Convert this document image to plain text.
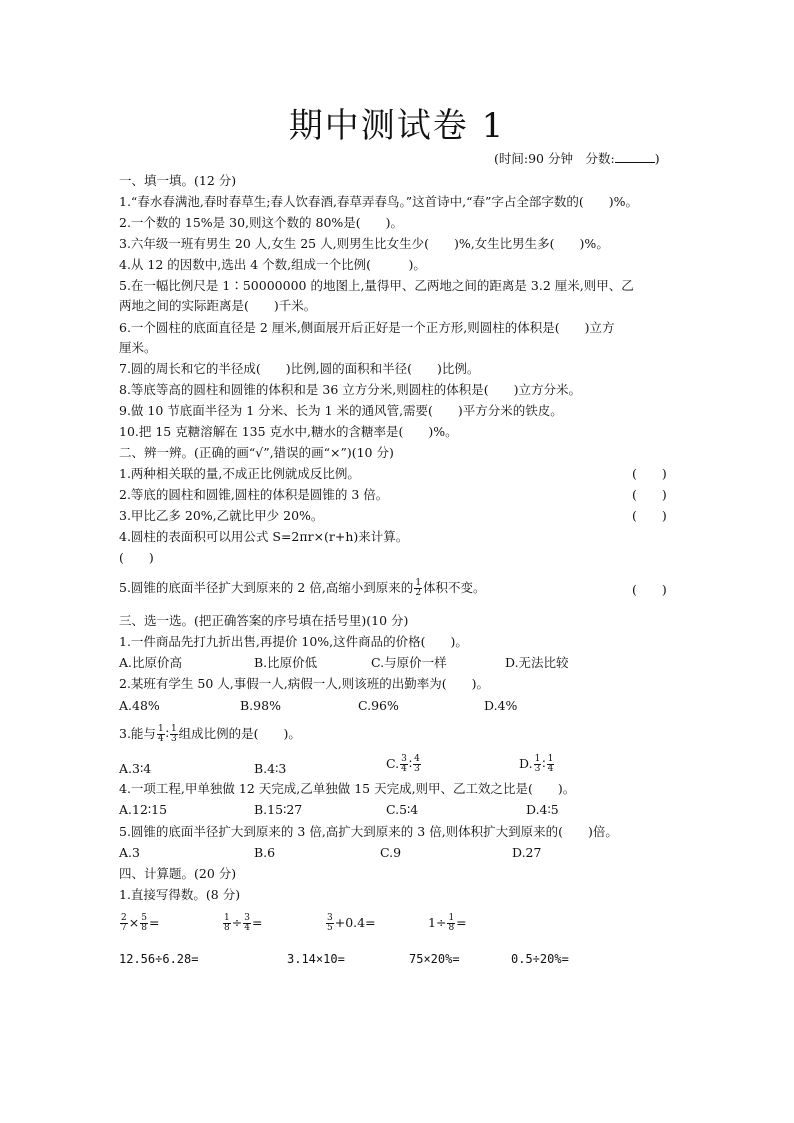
期中测试卷 1
(时间:90 分钟　分数:	)
一、填一填。(12 分)
1.“春水春满池,春时春草生;春人饮春酒,春草弄春鸟。”这首诗中,“春”字占全部字数的(　　)%。
2.一个数的 15%是 30,则这个数的 80%是(　　)。
3.六年级一班有男生 20 人,女生 25 人,则男生比女生少(　　)%,女生比男生多(　　)%。
4.从 12 的因数中,选出 4 个数,组成一个比例(　　　)。
5.在一幅比例尺是 1∶50000000 的地图上,量得甲、乙两地之间的距离是 3.2 厘米,则甲、乙
两地之间的实际距离是(　　)千米。
6.一个圆柱的底面直径是 2 厘米,侧面展开后正好是一个正方形,则圆柱的体积是(　　)立方
厘米。
7.圆的周长和它的半径成(　　)比例,圆的面积和半径(　　)比例。
8.等底等高的圆柱和圆锥的体积和是 36 立方分米,则圆柱的体积是(　　)立方分米。
9.做 10 节底面半径为 1 分米、长为 1 米的通风管,需要(　　)平方分米的铁皮。
10.把 15 克糖溶解在 135 克水中,糖水的含糖率是(　　)%。
二、辨一辨。(正确的画“√”,错误的画“×”)(10 分)
1.两种相关联的量,不成正比例就成反比例。	(　　)
2.等底的圆柱和圆锥,圆柱的体积是圆锥的 3 倍。	(　　)
3.甲比乙多 20%,乙就比甲少 20%。	(　　)
4.圆柱的表面积可以用公式 S=2πr×(r+h)来计算。
(　　)
5.圆锥的底面半径扩大到原来的 2 倍,高缩小到原来的 $\frac{1}{2}$ 体积不变。	(　　)
三、选一选。(把正确答案的序号填在括号里)(10 分)
1.一件商品先打九折出售,再提价 10%,这件商品的价格(　　)。
A.比原价高	B.比原价低	C.与原价一样	D.无法比较
2.某班有学生 50 人,事假一人,病假一人,则该班的出勤率为(　　)。
A.48%	B.98%	C.96%	D.4%
3.能与 $\frac{1}{4}$ ∶ $\frac{1}{3}$ 组成比例的是(　　)。
A.3∶4	B.4∶3	C. $\frac{3}{4}$ ∶ $\frac{4}{3}$	D. $\frac{1}{3}$ ∶ $\frac{1}{4}$
4.一项工程,甲单独做 12 天完成,乙单独做 15 天完成,则甲、乙工效之比是(　　)。
A.12∶15	B.15∶27	C.5∶4	D.4∶5
5.圆锥的底面半径扩大到原来的 3 倍,高扩大到原来的 3 倍,则体积扩大到原来的(　　)倍。
A.3	B.6	C.9	D.27
四、计算题。(20 分)
1.直接写得数。(8 分)
$\frac{2}{7} \times \frac{5}{8}$ =	$\frac{1}{8} \div \frac{3}{4}$ =	$\frac{3}{5} +0.4=$	$1\div \frac{1}{8}$ =
12.56÷6.28=	3.14×10=	75×20%=	0.5÷20%=
